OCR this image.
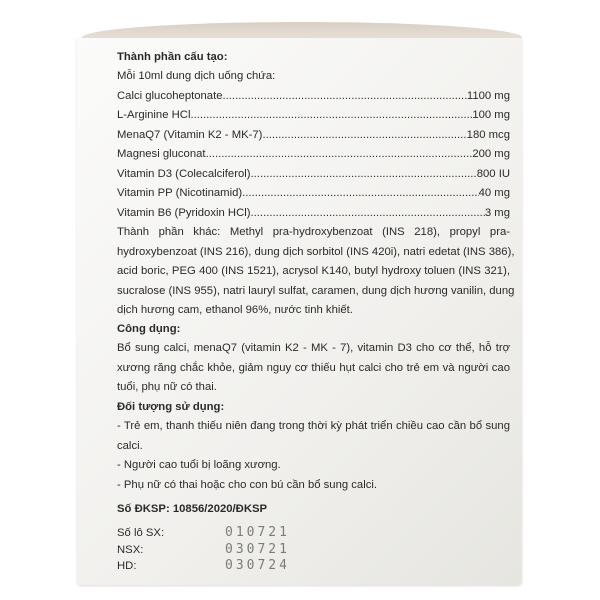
Thành phần cấu tạo:
Mỗi 10ml dung dịch uống chứa:
Calci glucoheptonate .....	1100 mg
L-Arginine HCl .....	100 mg
MenaQ7 (Vitamin K2 - MK-7) .....	180 mcg
Magnesi gluconat .....	200 mg
Vitamin D3 (Colecalciferol) .....	800 IU
Vitamin PP (Nicotinamid) .....	40 mg
Vitamin B6 (Pyridoxin HCl) .....	3 mg
Thành phần khác: Methyl pra-hydroxybenzoat (INS 218), propyl pra-
hydroxybenzoat (INS 216), dung dịch sorbitol (INS 420i), natri edetat (INS 386),
acid boric, PEG 400 (INS 1521), acrysol K140, butyl hydroxy toluen (INS 321),
sucralose (INS 955), natri lauryl sulfat, caramen, dung dịch hương vanilin, dung
dịch hương cam, ethanol 96%, nước tinh khiết.
Công dụng:
Bổ sung calci, menaQ7 (vitamin K2 - MK - 7), vitamin D3 cho cơ thể, hỗ trợ
xương răng chắc khỏe, giảm nguy cơ thiếu hụt calci cho trẻ em và người cao
tuổi, phụ nữ có thai.
Đối tượng sử dụng:
- Trẻ em, thanh thiếu niên đang trong thời kỳ phát triển chiều cao cần bổ sung
calci.
- Người cao tuổi bị loãng xương.
- Phụ nữ có thai hoặc cho con bú cần bổ sung calci.
Số ĐKSP: 10856/2020/ĐKSP
Số lô SX:	010721
NSX:	030721
HD:	030724
